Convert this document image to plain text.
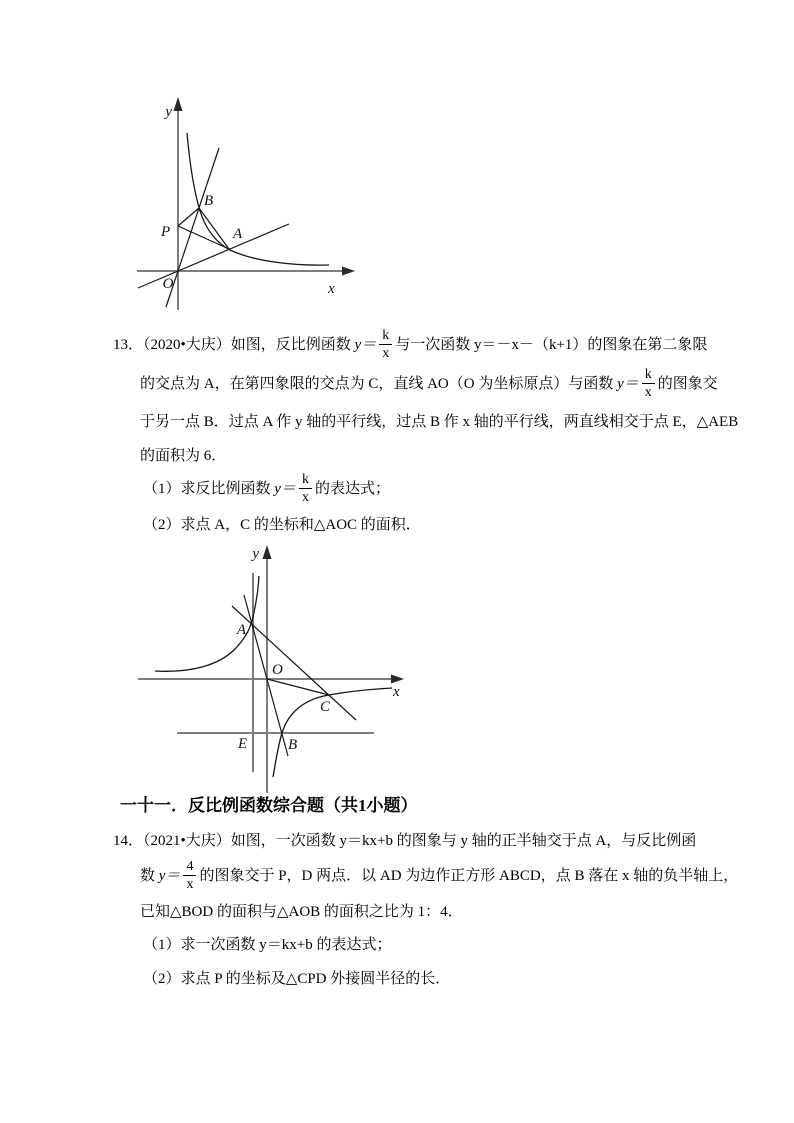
y
x
O
P
B
A
13．（2020•大庆）如图，反比例函数 $y= \frac{k}{x}$ 与一次函数 y＝－x－（k+1）的图象在第二象限
的交点为 A，在第四象限的交点为 C，直线 AO（O 为坐标原点）与函数 $y= \frac{k}{x}$ 的图象交
于另一点 B．过点 A 作 y 轴的平行线，过点 B 作 x 轴的平行线，两直线相交于点 E，△AEB
的面积为 6．
（1）求反比例函数 $y= \frac{k}{x}$ 的表达式；
（2）求点 A，C 的坐标和△AOC 的面积．
y
x
O
A
C
E	B
一十一．反比例函数综合题（共1小题）
14．（2021•大庆）如图，一次函数 y＝kx+b 的图象与 y 轴的正半轴交于点 A，与反比例函
数 $y= \frac{4}{x}$ 的图象交于 P，D 两点．以 AD 为边作正方形 ABCD，点 B 落在 x 轴的负半轴上，
已知△BOD 的面积与△AOB 的面积之比为 1：4．
（1）求一次函数 y＝kx+b 的表达式；
（2）求点 P 的坐标及△CPD 外接圆半径的长．
